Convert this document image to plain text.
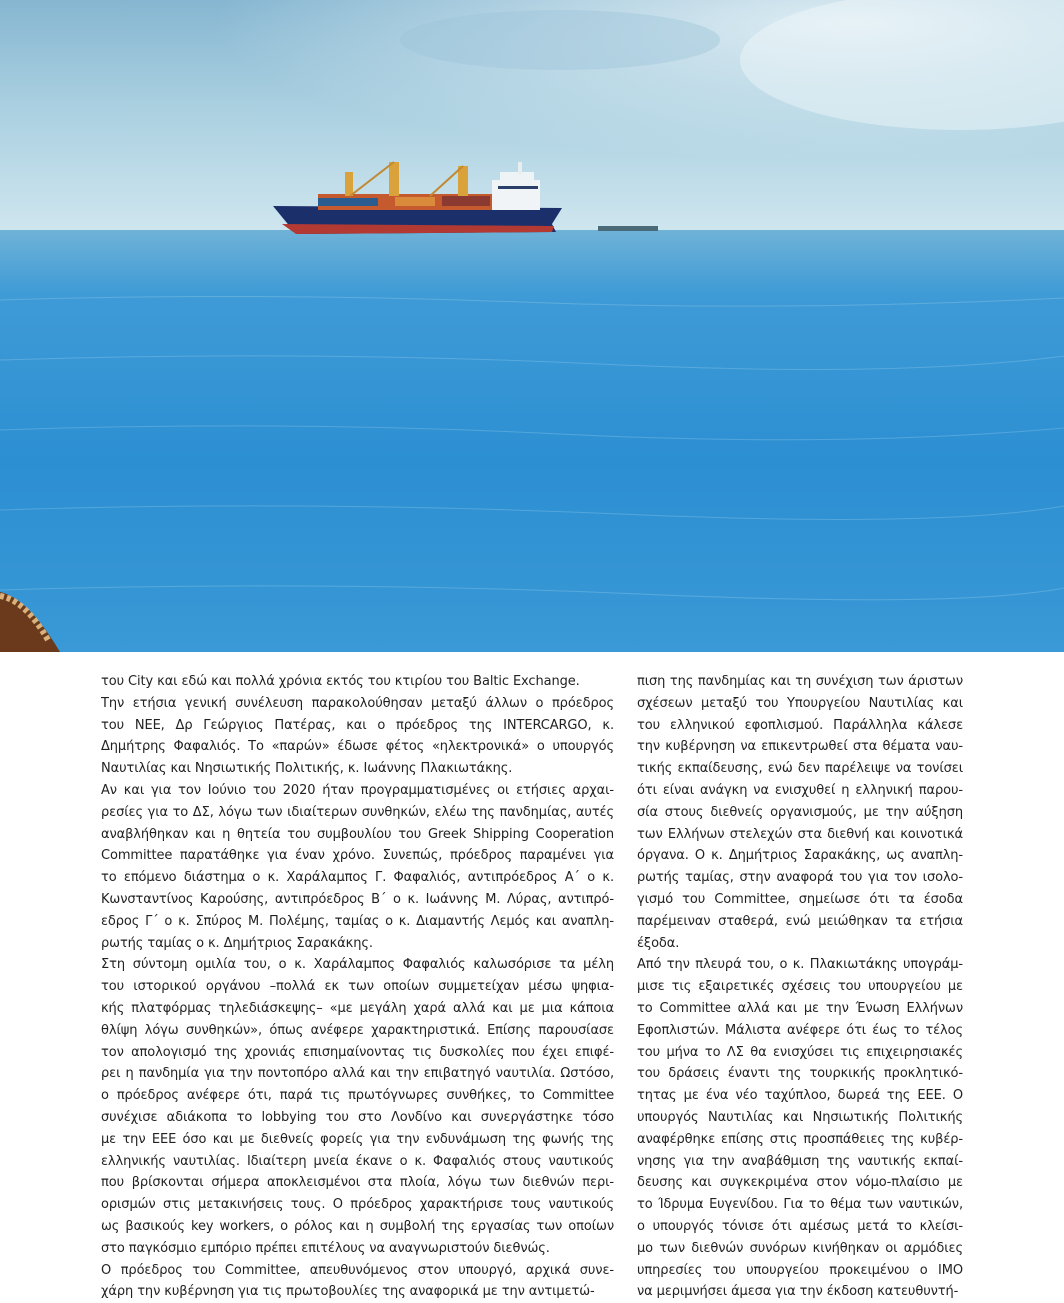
του City και εδώ και πολλά χρόνια εκτός του κτιρίου του Baltic Exchange.
Την ετήσια γενική συνέλευση παρακολούθησαν μεταξύ άλλων ο πρόεδρος
του ΝΕΕ, Δρ Γεώργιος Πατέρας, και ο πρόεδρος της INTERCARGO, κ.
Δημήτρης Φαφαλιός. Το «παρών» έδωσε φέτος «ηλεκτρονικά» ο υπουργός
Ναυτιλίας και Νησιωτικής Πολιτικής, κ. Ιωάννης Πλακιωτάκης.
Αν και για τον Ιούνιο του 2020 ήταν προγραμματισμένες οι ετήσιες αρχαι-
ρεσίες για το ΔΣ, λόγω των ιδιαίτερων συνθηκών, ελέω της πανδημίας, αυτές
αναβλήθηκαν και η θητεία του συμβουλίου του Greek Shipping Cooperation
Committee παρατάθηκε για έναν χρόνο. Συνεπώς, πρόεδρος παραμένει για
το επόμενο διάστημα ο κ. Χαράλαμπος Γ. Φαφαλιός, αντιπρόεδρος Α΄ ο κ.
Κωνσταντίνος Καρούσης, αντιπρόεδρος Β΄ ο κ. Ιωάννης Μ. Λύρας, αντιπρό-
εδρος Γ΄ ο κ. Σπύρος Μ. Πολέμης, ταμίας ο κ. Διαμαντής Λεμός και αναπλη-
ρωτής ταμίας ο κ. Δημήτριος Σαρακάκης.
Στη σύντομη ομιλία του, ο κ. Χαράλαμπος Φαφαλιός καλωσόρισε τα μέλη
του ιστορικού οργάνου –πολλά εκ των οποίων συμμετείχαν μέσω ψηφια-
κής πλατφόρμας τηλεδιάσκεψης– «με μεγάλη χαρά αλλά και με μια κάποια
θλίψη λόγω συνθηκών», όπως ανέφερε χαρακτηριστικά. Επίσης παρουσίασε
τον απολογισμό της χρονιάς επισημαίνοντας τις δυσκολίες που έχει επιφέ-
ρει η πανδημία για την ποντοπόρο αλλά και την επιβατηγό ναυτιλία. Ωστόσο,
ο πρόεδρος ανέφερε ότι, παρά τις πρωτόγνωρες συνθήκες, το Committee
συνέχισε αδιάκοπα το lobbying του στο Λονδίνο και συνεργάστηκε τόσο
με την ΕΕΕ όσο και με διεθνείς φορείς για την ενδυνάμωση της φωνής της
ελληνικής ναυτιλίας. Ιδιαίτερη μνεία έκανε ο κ. Φαφαλιός στους ναυτικούς
που βρίσκονται σήμερα αποκλεισμένοι στα πλοία, λόγω των διεθνών περι-
ορισμών στις μετακινήσεις τους. Ο πρόεδρος χαρακτήρισε τους ναυτικούς
ως βασικούς key workers, ο ρόλος και η συμβολή της εργασίας των οποίων
στο παγκόσμιο εμπόριο πρέπει επιτέλους να αναγνωριστούν διεθνώς.
Ο πρόεδρος του Committee, απευθυνόμενος στον υπουργό, αρχικά συνε-
χάρη την κυβέρνηση για τις πρωτοβουλίες της αναφορικά με την αντιμετώ-
πιση της πανδημίας και τη συνέχιση των άριστων
σχέσεων μεταξύ του Υπουργείου Ναυτιλίας και
του ελληνικού εφοπλισμού. Παράλληλα κάλεσε
την κυβέρνηση να επικεντρωθεί στα θέματα ναυ-
τικής εκπαίδευσης, ενώ δεν παρέλειψε να τονίσει
ότι είναι ανάγκη να ενισχυθεί η ελληνική παρου-
σία στους διεθνείς οργανισμούς, με την αύξηση
των Ελλήνων στελεχών στα διεθνή και κοινοτικά
όργανα. Ο κ. Δημήτριος Σαρακάκης, ως αναπλη-
ρωτής ταμίας, στην αναφορά του για τον ισολο-
γισμό του Committee, σημείωσε ότι τα έσοδα
παρέμειναν σταθερά, ενώ μειώθηκαν τα ετήσια
έξοδα.
Από την πλευρά του, ο κ. Πλακιωτάκης υπογράμ-
μισε τις εξαιρετικές σχέσεις του υπουργείου με
το Committee αλλά και με την Ένωση Ελλήνων
Εφοπλιστών. Μάλιστα ανέφερε ότι έως το τέλος
του μήνα το ΛΣ θα ενισχύσει τις επιχειρησιακές
του δράσεις έναντι της τουρκικής προκλητικό-
τητας με ένα νέο ταχύπλοο, δωρεά της ΕΕΕ. Ο
υπουργός Ναυτιλίας και Νησιωτικής Πολιτικής
αναφέρθηκε επίσης στις προσπάθειες της κυβέρ-
νησης για την αναβάθμιση της ναυτικής εκπαί-
δευσης και συγκεκριμένα στον νόμο-πλαίσιο με
το Ίδρυμα Ευγενίδου. Για το θέμα των ναυτικών,
ο υπουργός τόνισε ότι αμέσως μετά το κλείσι-
μο των διεθνών συνόρων κινήθηκαν οι αρμόδιες
υπηρεσίες του υπουργείου προκειμένου ο ΙΜΟ
να μεριμνήσει άμεσα για την έκδοση κατευθυντή-
